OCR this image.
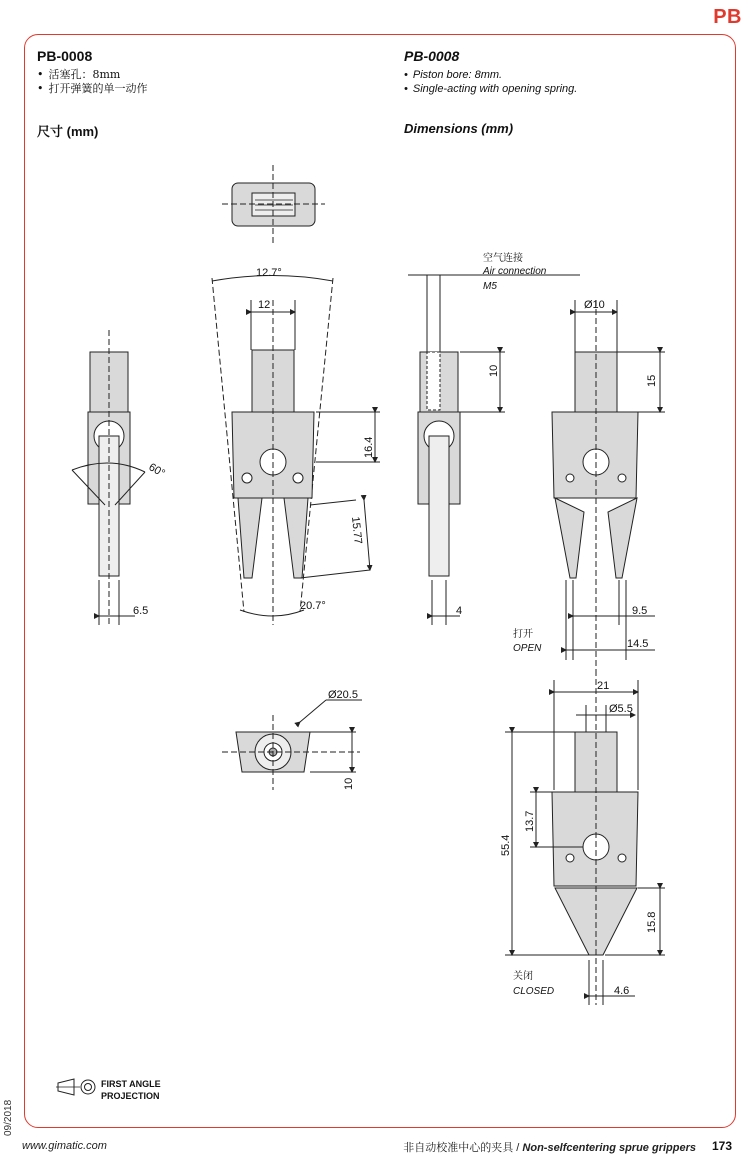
PB
PB-0008
• 活塞孔：8mm
• 打开弹簧的单一动作
PB-0008
• Piston bore: 8mm.
• Single-acting with opening spring.
尺寸 (mm)	Dimensions (mm)
12.7°
12
16.4
15.77
20.7°
60°
6.5
Ø20.5
10
空气连接
Air connection
M5
10
4
Ø10
15
9.5
14.5
打开
OPEN
21
Ø5.5
55.4
13.7
15.8
4.6
关闭
CLOSED
FIRST ANGLE
PROJECTION
09/2018
www.gimatic.com	非自动校准中心的夹具 / Non-selfcentering sprue grippers 173
